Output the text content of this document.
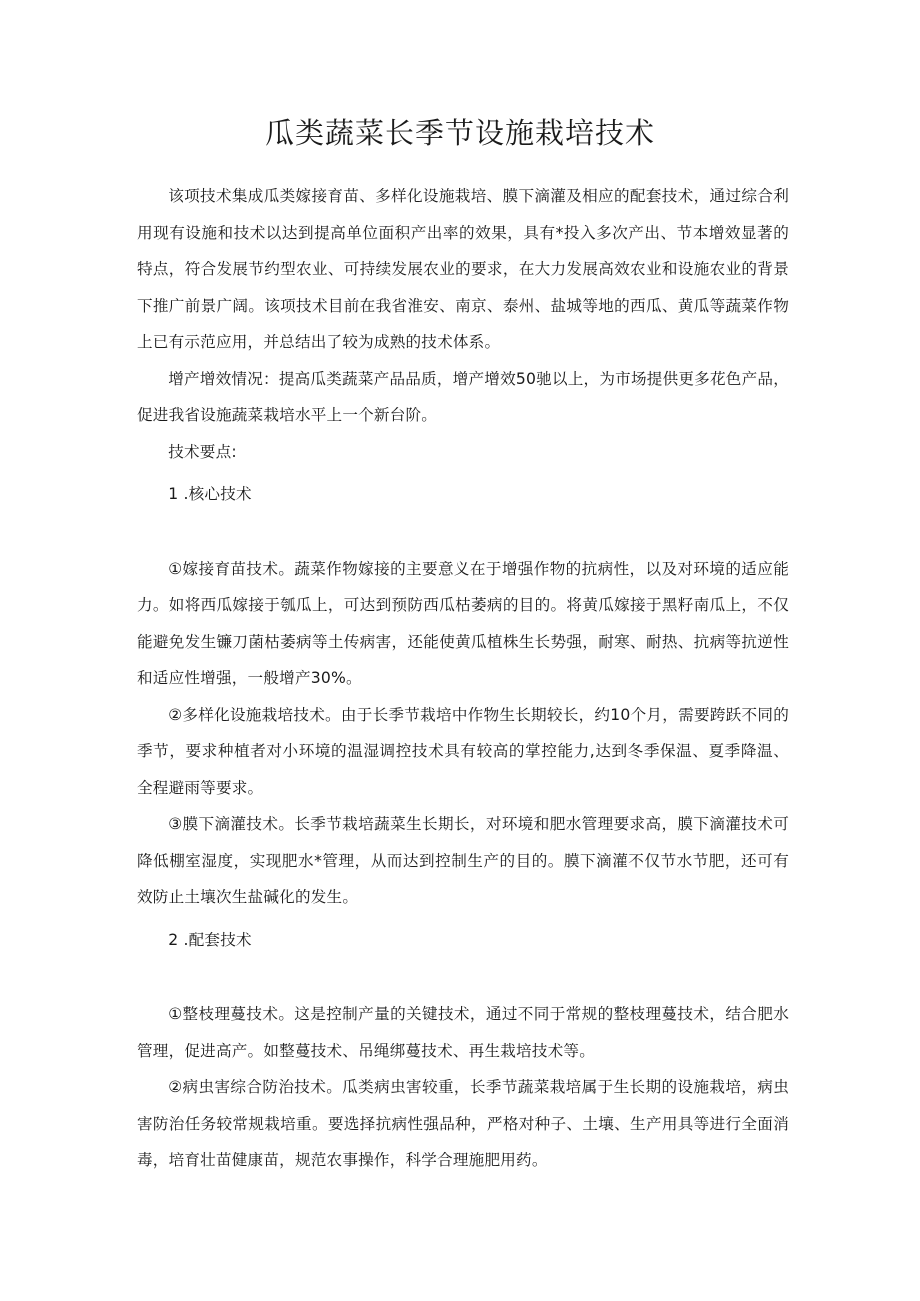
瓜类蔬菜长季节设施栽培技术

该项技术集成瓜类嫁接育苗、多样化设施栽培、膜下滴灌及相应的配套技术，通过综合利用现有设施和技术以达到提高单位面积产出率的效果，具有*投入多次产出、节本增效显著的特点，符合发展节约型农业、可持续发展农业的要求，在大力发展高效农业和设施农业的背景下推广前景广阔。该项技术目前在我省淮安、南京、泰州、盐城等地的西瓜、黄瓜等蔬菜作物上已有示范应用，并总结出了较为成熟的技术体系。

增产增效情况：提高瓜类蔬菜产品品质，增产增效50驰以上，为市场提供更多花色产品，促进我省设施蔬菜栽培水平上一个新台阶。

技术要点:

1 .核心技术

①嫁接育苗技术。蔬菜作物嫁接的主要意义在于增强作物的抗病性，以及对环境的适应能力。如将西瓜嫁接于瓠瓜上，可达到预防西瓜枯萎病的目的。将黄瓜嫁接于黑籽南瓜上，不仅能避免发生镰刀菌枯萎病等土传病害，还能使黄瓜植株生长势强，耐寒、耐热、抗病等抗逆性和适应性增强，一般增产30%。

②多样化设施栽培技术。由于长季节栽培中作物生长期较长，约10个月，需要跨跃不同的季节，要求种植者对小环境的温湿调控技术具有较高的掌控能力,达到冬季保温、夏季降温、全程避雨等要求。

③膜下滴灌技术。长季节栽培蔬菜生长期长，对环境和肥水管理要求高，膜下滴灌技术可降低棚室湿度，实现肥水*管理，从而达到控制生产的目的。膜下滴灌不仅节水节肥，还可有效防止土壤次生盐碱化的发生。

2 .配套技术

①整枝理蔓技术。这是控制产量的关键技术，通过不同于常规的整枝理蔓技术，结合肥水管理，促进高产。如整蔓技术、吊绳绑蔓技术、再生栽培技术等。

②病虫害综合防治技术。瓜类病虫害较重，长季节蔬菜栽培属于生长期的设施栽培，病虫害防治任务较常规栽培重。要选择抗病性强品种，严格对种子、土壤、生产用具等进行全面消毒，培育壮苗健康苗，规范农事操作，科学合理施肥用药。
